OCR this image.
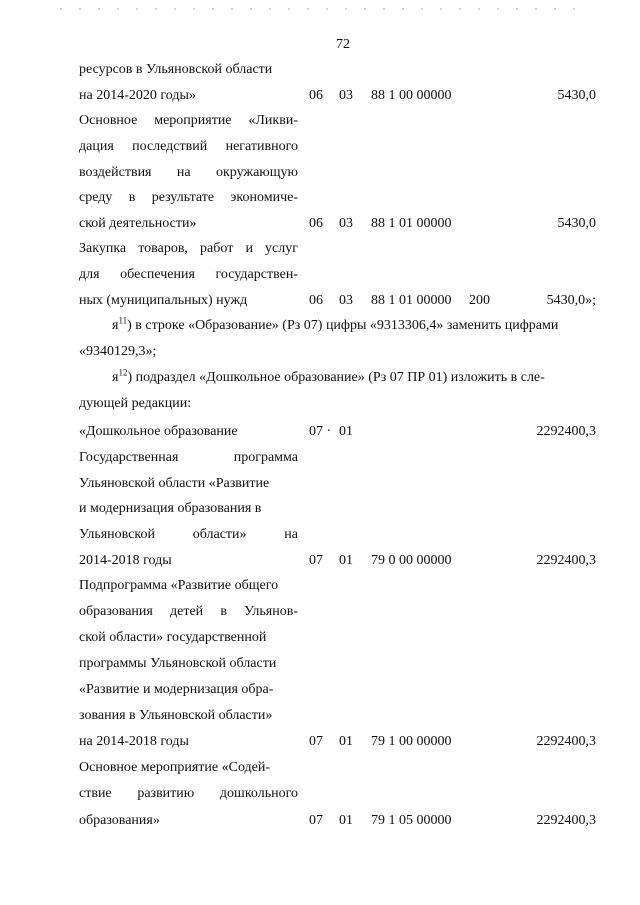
72
ресурсов в Ульяновской области
на 2014-2020 годы»	06 03 88 1 00 00000	5430,0
Основное мероприятие «Ликви-
дация последствий негативного
воздействия на окружающую
среду в результате экономиче-
ской деятельности»	06 03 88 1 01 00000	5430,0
Закупка товаров, работ и услуг
для обеспечения государствен-
ных (муниципальных) нужд	06 03 88 1 01 00000 200	5430,0»;
$я^{11}$) в строке «Образование» (Рз 07) цифры «9313306,4» заменить цифрами
«9340129,3»;
$я^{12}$) подраздел «Дошкольное образование» (Рз 07 ПР 01) изложить в сле-
дующей редакции:
«Дошкольное образование	07 · 01	2292400,3
Государственная	программа
Ульяновской области «Развитие
и модернизация образования в
Ульяновской	области»	на
2014-2018 годы	07 01 79 0 00 00000	2292400,3
Подпрограмма «Развитие общего
образования детей в Ульянов-
ской области» государственной
программы Ульяновской области
«Развитие и модернизация обра-
зования в Ульяновской области»
на 2014-2018 годы	07 01 79 1 00 00000	2292400,3
Основное мероприятие «Содей-
ствие развитию дошкольного
образования»	07 01 79 1 05 00000	2292400,3
